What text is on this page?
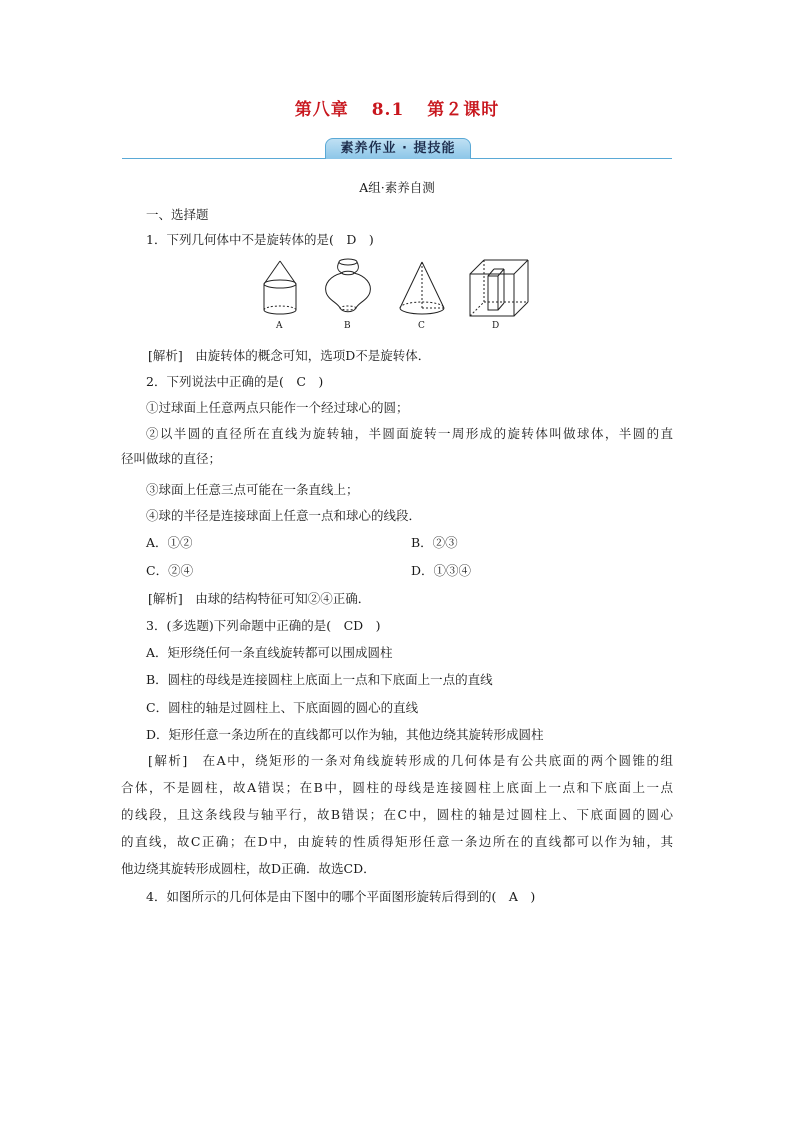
第八章 8.1 第２课时
素养作业 · 提技能
A组·素养自测
一、选择题
1．下列几何体中不是旋转体的是(　D　)
A	B	C	D
[解析]　由旋转体的概念可知，选项D不是旋转体．
2．下列说法中正确的是(　C　)
①过球面上任意两点只能作一个经过球心的圆；
②以半圆的直径所在直线为旋转轴，半圆面旋转一周形成的旋转体叫做球体，半圆的直
径叫做球的直径；
③球面上任意三点可能在一条直线上；
④球的半径是连接球面上任意一点和球心的线段．
A．①②	B．②③
C．②④	D．①③④
[解析]　由球的结构特征可知②④正确．
3．(多选题)下列命题中正确的是(　CD　)
A．矩形绕任何一条直线旋转都可以围成圆柱
B．圆柱的母线是连接圆柱上底面上一点和下底面上一点的直线
C．圆柱的轴是过圆柱上、下底面圆的圆心的直线
D．矩形任意一条边所在的直线都可以作为轴，其他边绕其旋转形成圆柱
[解析]　在A中，绕矩形的一条对角线旋转形成的几何体是有公共底面的两个圆锥的组
合体，不是圆柱，故A错误；在B中，圆柱的母线是连接圆柱上底面上一点和下底面上一点
的线段，且这条线段与轴平行，故B错误；在C中，圆柱的轴是过圆柱上、下底面圆的圆心
的直线，故C正确；在D中，由旋转的性质得矩形任意一条边所在的直线都可以作为轴，其
他边绕其旋转形成圆柱，故D正确．故选CD．
4．如图所示的几何体是由下图中的哪个平面图形旋转后得到的(　A　)
